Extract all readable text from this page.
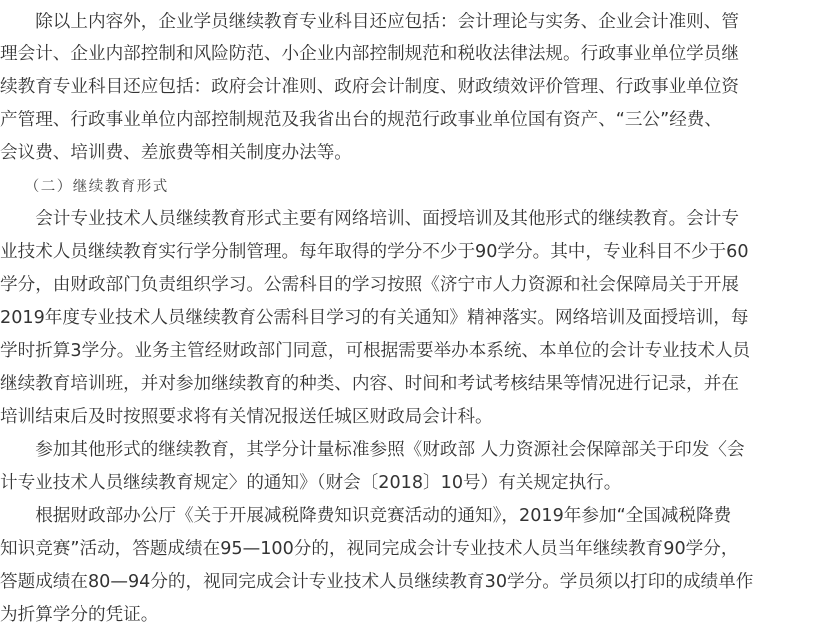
　　除以上内容外，企业学员继续教育专业科目还应包括：会计理论与实务、企业会计准则、管
理会计、企业内部控制和风险防范、小企业内部控制规范和税收法律法规。行政事业单位学员继
续教育专业科目还应包括：政府会计准则、政府会计制度、财政绩效评价管理、行政事业单位资
产管理、行政事业单位内部控制规范及我省出台的规范行政事业单位国有资产、“三公”经费、
会议费、培训费、差旅费等相关制度办法等。
　　（二）继续教育形式
　　会计专业技术人员继续教育形式主要有网络培训、面授培训及其他形式的继续教育。会计专
业技术人员继续教育实行学分制管理。每年取得的学分不少于90学分。其中，专业科目不少于60
学分，由财政部门负责组织学习。公需科目的学习按照《济宁市人力资源和社会保障局关于开展
2019年度专业技术人员继续教育公需科目学习的有关通知》精神落实。网络培训及面授培训，每
学时折算3学分。业务主管经财政部门同意，可根据需要举办本系统、本单位的会计专业技术人员
继续教育培训班，并对参加继续教育的种类、内容、时间和考试考核结果等情况进行记录，并在
培训结束后及时按照要求将有关情况报送任城区财政局会计科。
　　参加其他形式的继续教育，其学分计量标准参照《财政部 人力资源社会保障部关于印发〈会
计专业技术人员继续教育规定〉的通知》（财会〔2018〕10号）有关规定执行。
　　根据财政部办公厅《关于开展减税降费知识竞赛活动的通知》，2019年参加“全国减税降费
知识竞赛”活动，答题成绩在95—100分的，视同完成会计专业技术人员当年继续教育90学分，
答题成绩在80—94分的，视同完成会计专业技术人员继续教育30学分。学员须以打印的成绩单作
为折算学分的凭证。
